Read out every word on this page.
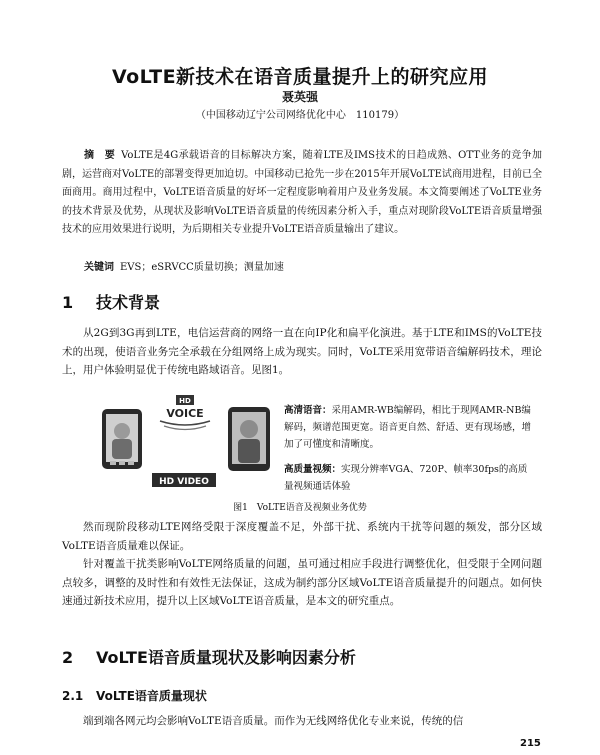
VoLTE新技术在语音质量提升上的研究应用
聂英强
（中国移动辽宁公司网络优化中心　110179）
摘　要 VoLTE是4G承载语音的目标解决方案，随着LTE及IMS技术的日趋成熟、OTT业务的竞争加剧，运营商对VoLTE的部署变得更加迫切。中国移动已抢先一步在2015年开展VoLTE试商用进程，目前已全面商用。商用过程中，VoLTE语音质量的好坏一定程度影响着用户及业务发展。本文简要阐述了VoLTE业务的技术背景及优势，从现状及影响VoLTE语音质量的传统因素分析入手，重点对现阶段VoLTE语音质量增强技术的应用效果进行说明，为后期相关专业提升VoLTE语音质量输出了建议。
关键词 EVS；eSRVCC质量切换；测量加速
1 技术背景
从2G到3G再到LTE，电信运营商的网络一直在向IP化和扁平化演进。基于LTE和IMS的VoLTE技术的出现，使语音业务完全承载在分组网络上成为现实。同时，VoLTE采用宽带语音编解码技术，理论上，用户体验明显优于传统电路域语音。见图1。
HD
VOICE
HD VIDEO
高清语音：采用AMR-WB编解码，相比于现网AMR-NB编解码，频谱范围更宽。语音更自然、舒适、更有现场感，增加了可懂度和清晰度。
高质量视频：实现分辨率VGA、720P、帧率30fps的高质量视频通话体验
图1　VoLTE语音及视频业务优势
然而现阶段移动LTE网络受限于深度覆盖不足，外部干扰、系统内干扰等问题的频发，部分区域VoLTE语音质量难以保证。
针对覆盖干扰类影响VoLTE网络质量的问题，虽可通过相应手段进行调整优化，但受限于全网问题点较多，调整的及时性和有效性无法保证，这成为制约部分区域VoLTE语音质量提升的问题点。如何快速通过新技术应用，提升以上区域VoLTE语音质量，是本文的研究重点。
2 VoLTE语音质量现状及影响因素分析
2.1 VoLTE语音质量现状
端到端各网元均会影响VoLTE语音质量。而作为无线网络优化专业来说，传统的信
215
